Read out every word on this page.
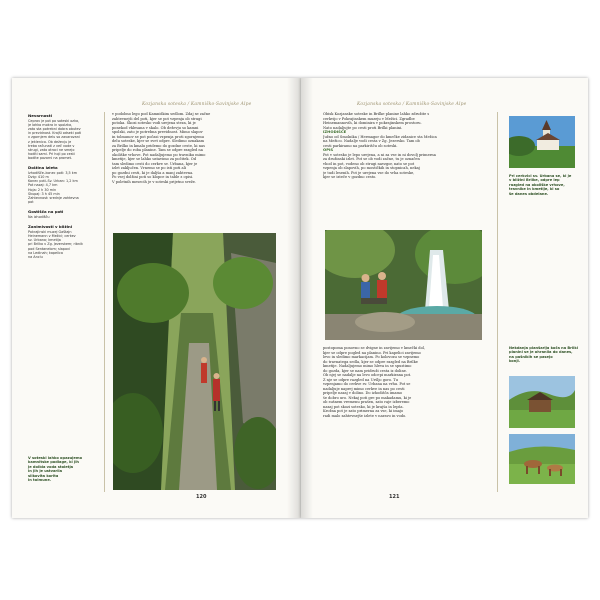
Kozjanska soteska / Kamniško-Savinjske Alpe
Nevarnosti
Čeprav je pot po soteski ozka,
je lahko mokra in spolzka,
zato sta potrebni dobra obutev
in previdnost. Krajši odseki poti
v zgornjem delu so zavarovani
z jeklenico. Ob deževju je
treba računati z več vode v
strugi, zato otroci ne smejo
hoditi sami. Pri hoji po cesti
bodite pozorni na promet.
Dolžina izleta
Izhodišče–konec poti: 3,5 km
Dvig: 410 m
Konec poti–Sv. Urban: 1,2 km
Pot nazaj: 4,7 km
Hoja: 2 h 30 min
Skupaj: 3 h 45 min
Zahtevnost: srednje zahtevna
pot
Gostišča na poti
Na izhodišču
Zanimivosti v bližini
Pokrajinski muzej Gaštajn
Heinemann v Mežici; cerkev
sv. Urbana; kmetija
pri Brilko v Zg. Jezerskem; ribnik
pod Šentanelom; slapovi
na Ledinah; kapelica
na Anclu
V soteski lahko opazujemo
kamnitske podlage, ki jih
je dolbla voda stoletja
in jih je ustvarila
slikovita korita
in tolmune.
v podobno lego pod Kamniškim sedlom. Zdaj se začne
zahtevnejši del poti, kjer se pot vzpenja ob strugi
potoka. Skozi sotesko vodi urejena steza, ki je
ponekod vklesana v skalo. Ob deževju so kamni
spolzki, zato je potrebna previdnost. Mimo slapov
in tolmunov se pot počasi vzpenja proti zgornjemu
delu soteske, kjer se svet odpre. Sledimo oznakam
za Brilko in kmalu pridemo do gozdne ceste, ki nas
pripelje do roba planine. Tam se odpre razgled na
okoliške vrhove. Pot nadaljujemo po travniku mimo
kmetije, kjer se lahko ustavimo za počitek. Od
tam sledimo cesti do cerkve sv. Urbana, kjer je
izlet zaključen. Vrnemo se po isti poti ali
po gozdni cesti, ki je daljša a manj zahtevna.
Po vsej dolžini poti so klopce in table z opisi.
V poletnih mesecih je v soteski prijetno sveže.
120
Kozjanska soteska / Kamniško-Savinjske Alpe
Obisk Kozjanske soteske in Brilke planine lahko združite s
cerkvijo v Pokrajinskem muzeju v Mežici. Zgradbe
Heinemannovih, ki dominira v pokrajinskem prostoru.
Nato nadaljujte po cesti proti Brilki planini.
IZHODIŠČE
Južno od Smolnika / Hermagor do kmečke zidanice sta Mežica
na Mežico. Nadalje vodi cesta v Zg. Jezersko. Tam ob
cesti parkiramo na parkirišču ob soteski.
OPIS
Pot v sotesko je lepo urejena, a ni za vse in ni dovolj primerna
za družinski izlet. Pot se ob vodi začne, tu je označen
vhod in pot, vodeno ob strugi navzgor, nato se pot
vzpenja ob slapovih, po mostičkih in stopnicah, nekaj
je tudi lesenih. Pot je urejena vse do vrha soteske,
kjer se izteče v gozdno cesto.
postopoma ponovno se dvigne in zavijemo v kmečki dol,
kjer se odpre pogled na planino. Pri kapelici zavijemo
levo in sledimo markacijam. Po kolovozu se vzpnemo
do travnatega sedla, kjer se odpre razgled na Brilke
kmetije. Nadaljujemo mimo hleva in se spustimo
do gozda, kjer se nam pridruži cesta iz doline.
Ob njej se nadalje na levo odcepi markirana pot.
Z nje se odpre razgled na Uršljo goro. Tu
vzpenjamo do cerkve sv. Urbana na vrhu. Pot se
nadaljuje naprej mimo cerkve in nas po cesti
pripelje nazaj v dolino. Do izhodišča imamo
še dobro uro. Nekaj poti gre po makadamu, ki je
ob sušnem vremenu prašen, zato raje izberemo
nazaj pot skozi sotesko, ki je krajša in lepša.
Krožna pot je zato primerna za vse, ki imajo
radi malo zahtevnejše izlete v naravo in vodo.
Pri cerkvici sv. Urbana se, ki je
v bližini Brilke, odpre lep
razgled na okoliške vrhove,
travnike in kmetije, ki so
še danes obdelane.
Nekdanja planšarija koča na Brilki
planini se je ohranila do danes,
na pašnikih se pasejo
konji.
121
